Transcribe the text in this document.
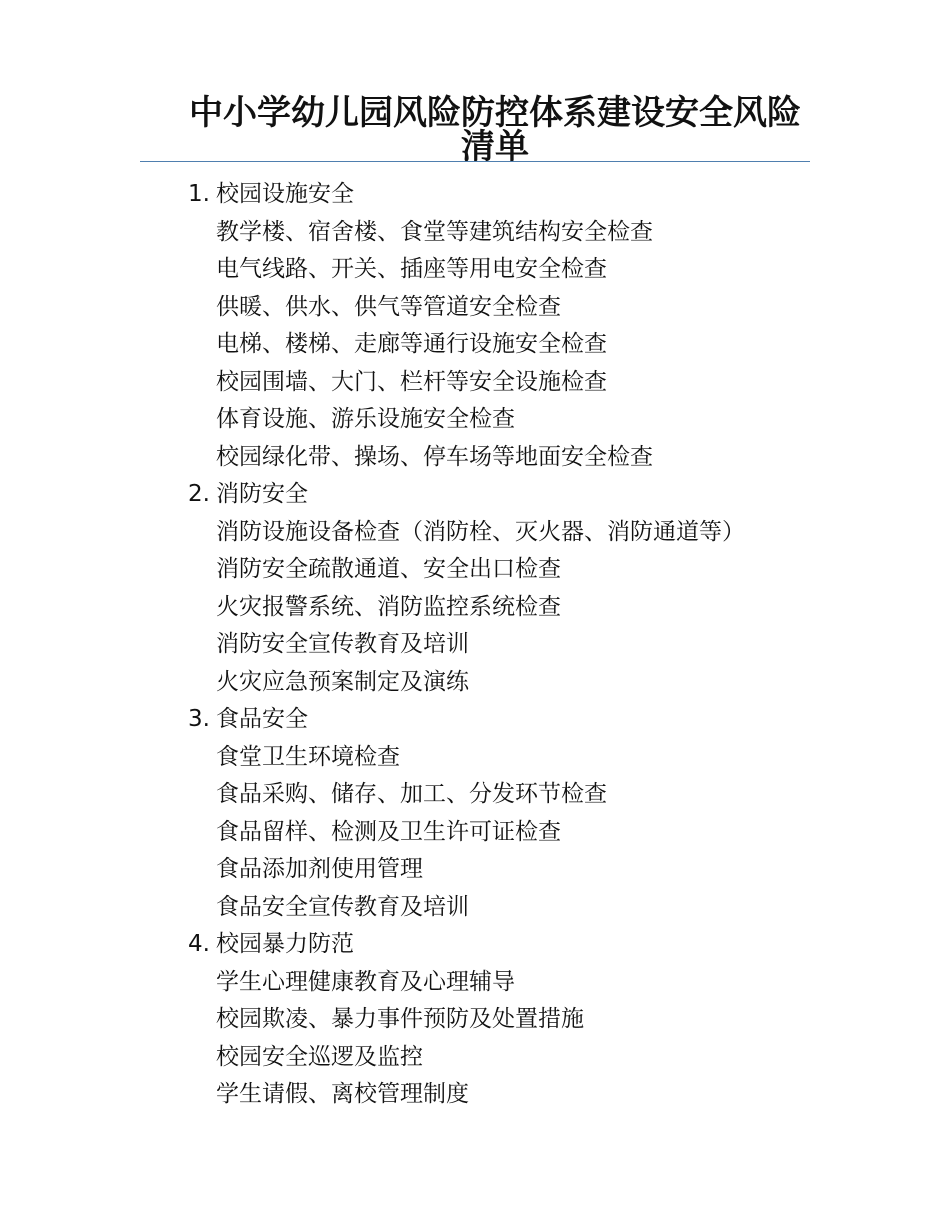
中小学幼儿园风险防控体系建设安全风险清单
1. 校园设施安全
教学楼、宿舍楼、食堂等建筑结构安全检查
电气线路、开关、插座等用电安全检查
供暖、供水、供气等管道安全检查
电梯、楼梯、走廊等通行设施安全检查
校园围墙、大门、栏杆等安全设施检查
体育设施、游乐设施安全检查
校园绿化带、操场、停车场等地面安全检查
2. 消防安全
消防设施设备检查（消防栓、灭火器、消防通道等）
消防安全疏散通道、安全出口检查
火灾报警系统、消防监控系统检查
消防安全宣传教育及培训
火灾应急预案制定及演练
3. 食品安全
食堂卫生环境检查
食品采购、储存、加工、分发环节检查
食品留样、检测及卫生许可证检查
食品添加剂使用管理
食品安全宣传教育及培训
4. 校园暴力防范
学生心理健康教育及心理辅导
校园欺凌、暴力事件预防及处置措施
校园安全巡逻及监控
学生请假、离校管理制度
